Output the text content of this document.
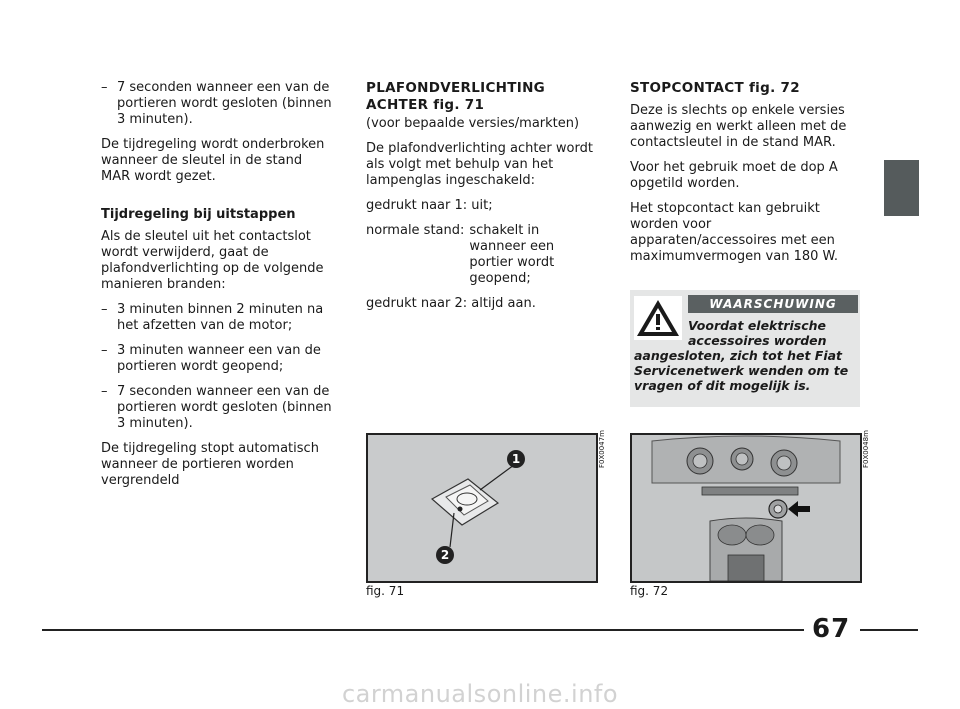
– 7 seconden wanneer een van de portieren wordt gesloten (binnen 3 minuten).

De tijdregeling wordt onderbroken wanneer de sleutel in de stand MAR wordt gezet.

Tijdregeling bij uitstappen

Als de sleutel uit het contactslot wordt verwijderd, gaat de plafondverlichting op de volgende manieren branden:

– 3 minuten binnen 2 minuten na het afzetten van de motor;
– 3 minuten wanneer een van de portieren wordt geopend;
– 7 seconden wanneer een van de portieren wordt gesloten (binnen 3 minuten).

De tijdregeling stopt automatisch wanneer de portieren worden vergrendeld

PLAFONDVERLICHTING ACHTER fig. 71

(voor bepaalde versies/markten)

De plafondverlichting achter wordt als volgt met behulp van het lampenglas ingeschakeld:

gedrukt naar 1: uit;

normale stand: schakelt in wanneer een portier wordt geopend;

gedrukt naar 2: altijd aan.

STOPCONTACT fig. 72

Deze is slechts op enkele versies aanwezig en werkt alleen met de contactsleutel in de stand MAR.

Voor het gebruik moet de dop A opgetild worden.

Het stopcontact kan gebruikt worden voor apparaten/accessoires met een maximumvermogen van 180 W.

WAARSCHUWING
Voordat elektrische
accessoires worden
aangesloten, zich tot het Fiat Servicenetwerk wenden om te vragen of dit mogelijk is.
1
2
F0X0047m
fig. 71
F0X0048m
fig. 72
67
carmanualsonline.info
